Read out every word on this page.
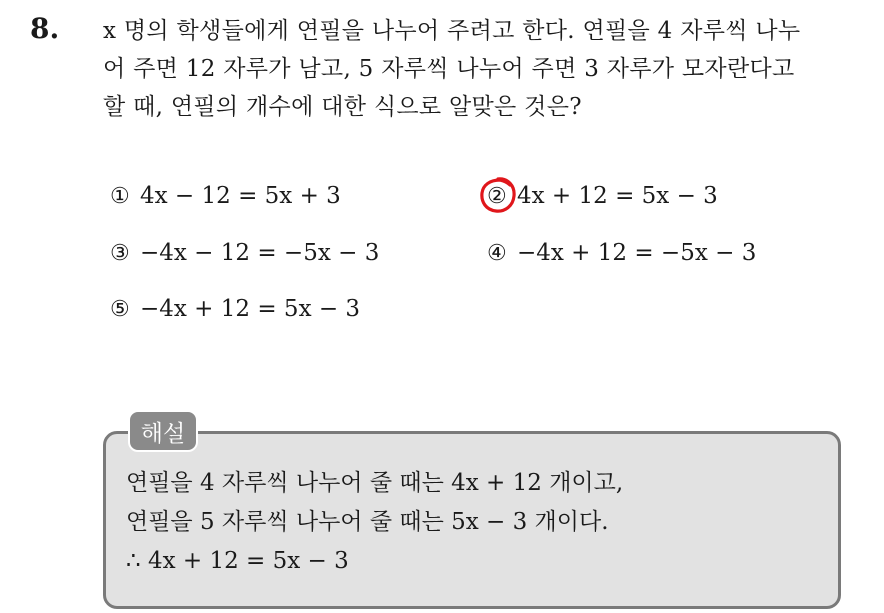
8. x 명의 학생들에게 연필을 나누어 주려고 한다. 연필을 4 자루씩 나누
어 주면 12 자루가 남고, 5 자루씩 나누어 주면 3 자루가 모자란다고
할 때, 연필의 개수에 대한 식으로 알맞은 것은?
① 4x − 12 = 5x + 3	② 4x + 12 = 5x − 3
③ −4x − 12 = −5x − 3	④ −4x + 12 = −5x − 3
⑤ −4x + 12 = 5x − 3
해설
연필을 4 자루씩 나누어 줄 때는 4x + 12 개이고,
연필을 5 자루씩 나누어 줄 때는 5x − 3 개이다.
∴ 4x + 12 = 5x − 3
